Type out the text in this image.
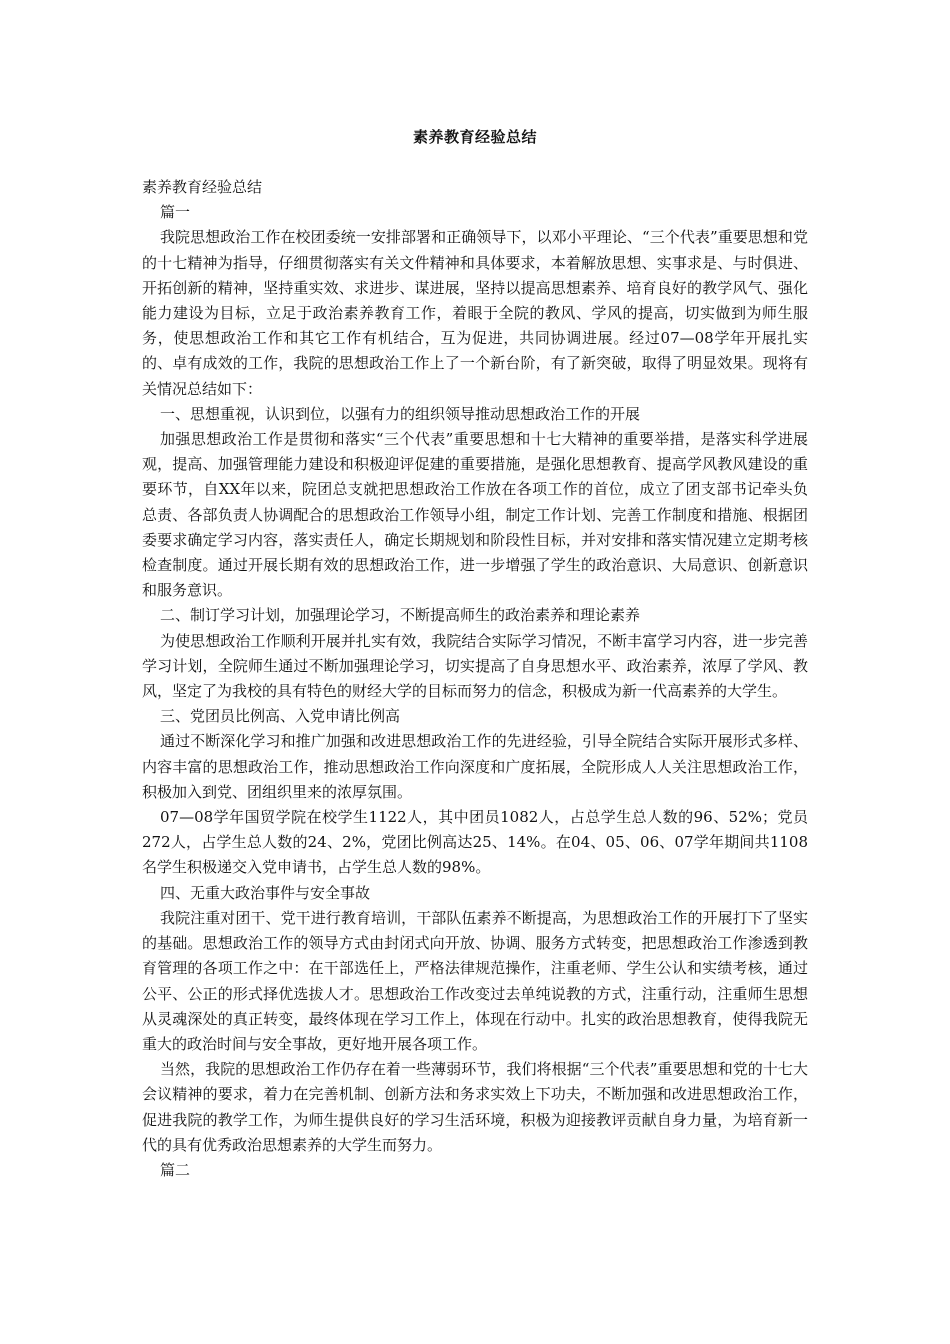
素养教育经验总结

素养教育经验总结

篇一

我院思想政治工作在校团委统一安排部署和正确领导下，以邓小平理论、“三个代表”重要思想和党的十七精神为指导，仔细贯彻落实有关文件精神和具体要求，本着解放思想、实事求是、与时俱进、开拓创新的精神，坚持重实效、求进步、谋进展，坚持以提高思想素养、培育良好的教学风气、强化能力建设为目标，立足于政治素养教育工作，着眼于全院的教风、学风的提高，切实做到为师生服务，使思想政治工作和其它工作有机结合，互为促进，共同协调进展。经过07—08学年开展扎实的、卓有成效的工作，我院的思想政治工作上了一个新台阶，有了新突破，取得了明显效果。现将有关情况总结如下：

一、思想重视，认识到位，以强有力的组织领导推动思想政治工作的开展

加强思想政治工作是贯彻和落实“三个代表”重要思想和十七大精神的重要举措，是落实科学进展观，提高、加强管理能力建设和积极迎评促建的重要措施，是强化思想教育、提高学风教风建设的重要环节，自XX年以来，院团总支就把思想政治工作放在各项工作的首位，成立了团支部书记牵头负总责、各部负责人协调配合的思想政治工作领导小组，制定工作计划、完善工作制度和措施、根据团委要求确定学习内容，落实责任人，确定长期规划和阶段性目标，并对安排和落实情况建立定期考核检查制度。通过开展长期有效的思想政治工作，进一步增强了学生的政治意识、大局意识、创新意识和服务意识。

二、制订学习计划，加强理论学习，不断提高师生的政治素养和理论素养

为使思想政治工作顺利开展并扎实有效，我院结合实际学习情况，不断丰富学习内容，进一步完善学习计划，全院师生通过不断加强理论学习，切实提高了自身思想水平、政治素养，浓厚了学风、教风，坚定了为我校的具有特色的财经大学的目标而努力的信念，积极成为新一代高素养的大学生。

三、党团员比例高、入党申请比例高

通过不断深化学习和推广加强和改进思想政治工作的先进经验，引导全院结合实际开展形式多样、内容丰富的思想政治工作，推动思想政治工作向深度和广度拓展，全院形成人人关注思想政治工作，积极加入到党、团组织里来的浓厚氛围。

07—08学年国贸学院在校学生1122人，其中团员1082人，占总学生总人数的96、52%；党员272人，占学生总人数的24、2%，党团比例高达25、14%。在04、05、06、07学年期间共1108名学生积极递交入党申请书，占学生总人数的98%。

四、无重大政治事件与安全事故

我院注重对团干、党干进行教育培训，干部队伍素养不断提高，为思想政治工作的开展打下了坚实的基础。思想政治工作的领导方式由封闭式向开放、协调、服务方式转变，把思想政治工作渗透到教育管理的各项工作之中：在干部选任上，严格法律规范操作，注重老师、学生公认和实绩考核，通过公平、公正的形式择优选拔人才。思想政治工作改变过去单纯说教的方式，注重行动，注重师生思想从灵魂深处的真正转变，最终体现在学习工作上，体现在行动中。扎实的政治思想教育，使得我院无重大的政治时间与安全事故，更好地开展各项工作。

当然，我院的思想政治工作仍存在着一些薄弱环节，我们将根据“三个代表”重要思想和党的十七大会议精神的要求，着力在完善机制、创新方法和务求实效上下功夫，不断加强和改进思想政治工作，促进我院的教学工作，为师生提供良好的学习生活环境，积极为迎接教评贡献自身力量，为培育新一代的具有优秀政治思想素养的大学生而努力。

篇二
